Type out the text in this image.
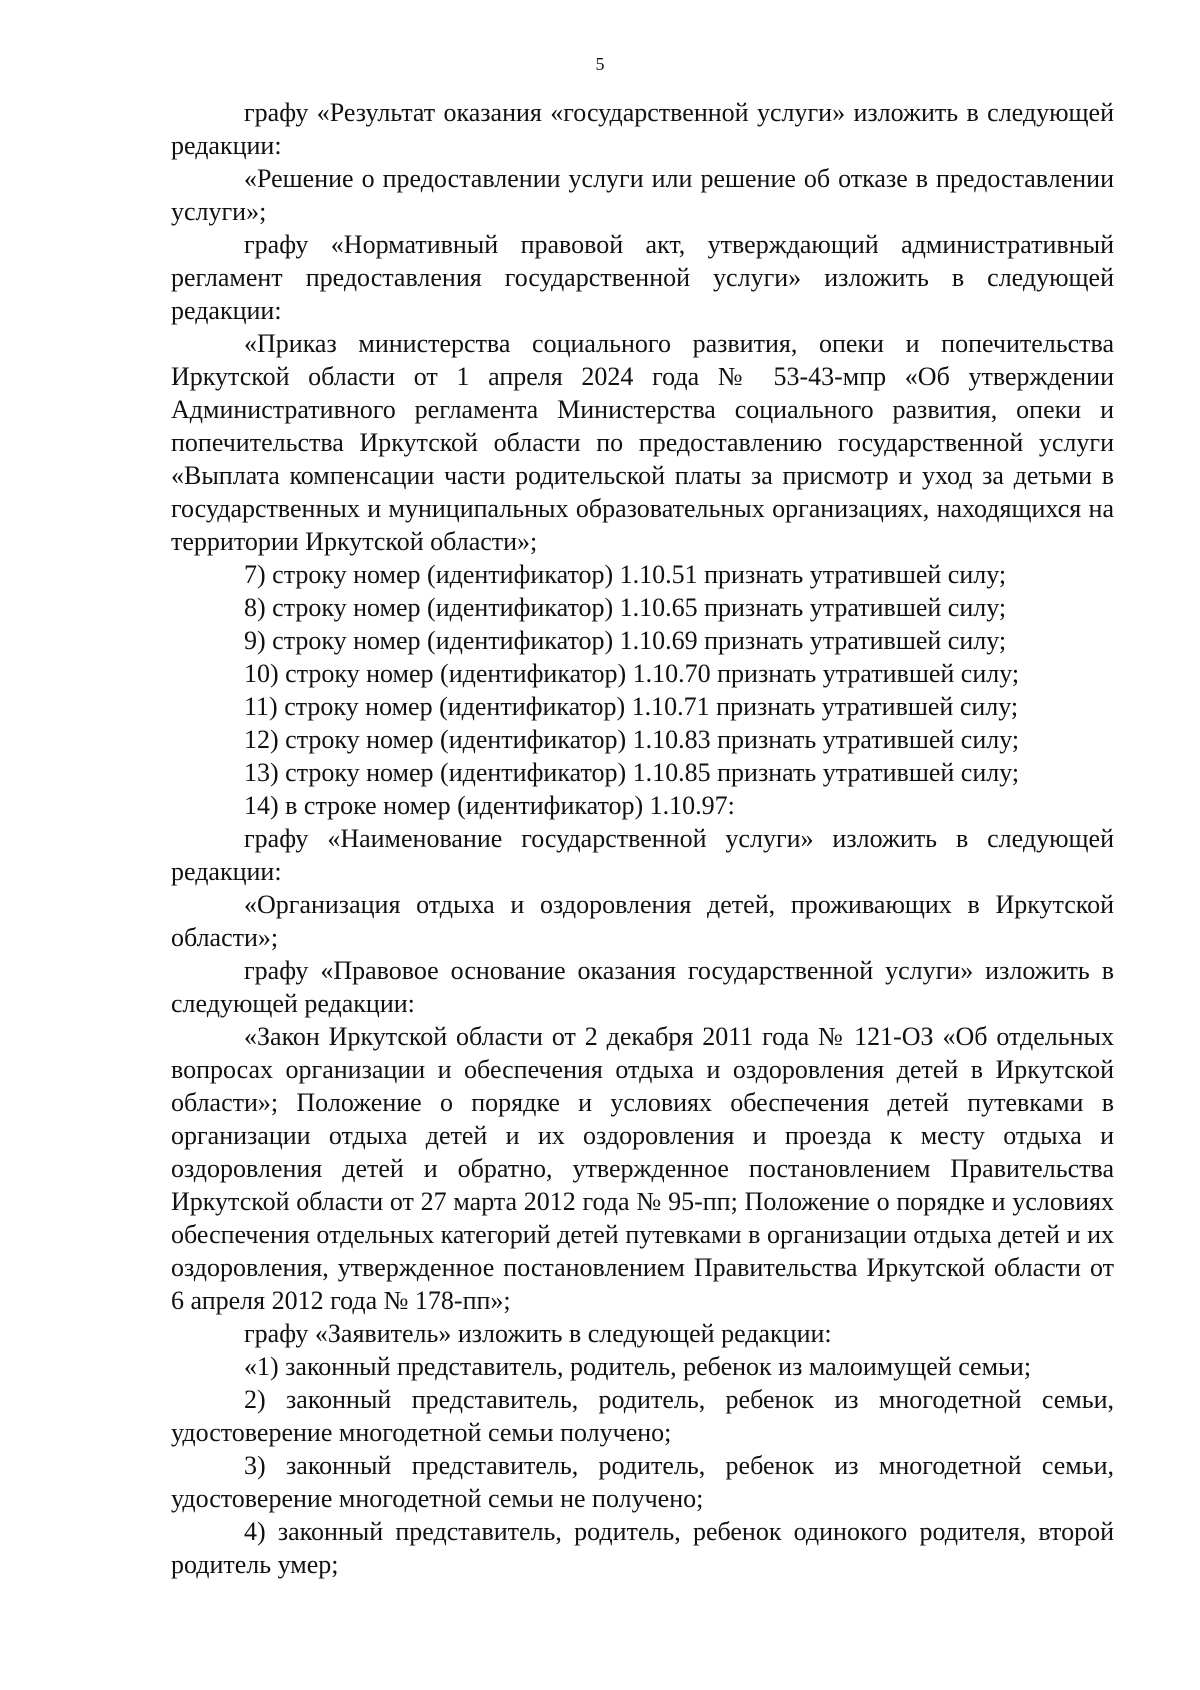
5

графу «Результат оказания «государственной услуги» изложить в следующей редакции:

«Решение о предоставлении услуги или решение об отказе в предоставлении услуги»;

графу «Нормативный правовой акт, утверждающий административный регламент предоставления государственной услуги» изложить в следующей редакции:

«Приказ министерства социального развития, опеки и попечительства Иркутской области от 1 апреля 2024 года № 53-43-мпр «Об утверждении Административного регламента Министерства социального развития, опеки и попечительства Иркутской области по предоставлению государственной услуги «Выплата компенсации части родительской платы за присмотр и уход за детьми в государственных и муниципальных образовательных организациях, находящихся на территории Иркутской области»;

7) строку номер (идентификатор) 1.10.51 признать утратившей силу;

8) строку номер (идентификатор) 1.10.65 признать утратившей силу;

9) строку номер (идентификатор) 1.10.69 признать утратившей силу;

10) строку номер (идентификатор) 1.10.70 признать утратившей силу;

11) строку номер (идентификатор) 1.10.71 признать утратившей силу;

12) строку номер (идентификатор) 1.10.83 признать утратившей силу;

13) строку номер (идентификатор) 1.10.85 признать утратившей силу;

14) в строке номер (идентификатор) 1.10.97:

графу «Наименование государственной услуги» изложить в следующей редакции:

«Организация отдыха и оздоровления детей, проживающих в Иркутской области»;

графу «Правовое основание оказания государственной услуги» изложить в следующей редакции:

«Закон Иркутской области от 2 декабря 2011 года № 121-ОЗ «Об отдельных вопросах организации и обеспечения отдыха и оздоровления детей в Иркутской области»; Положение о порядке и условиях обеспечения детей путевками в организации отдыха детей и их оздоровления и проезда к месту отдыха и оздоровления детей и обратно, утвержденное постановлением Правительства Иркутской области от 27 марта 2012 года № 95-пп; Положение о порядке и условиях обеспечения отдельных категорий детей путевками в организации отдыха детей и их оздоровления, утвержденное постановлением Правительства Иркутской области от 6 апреля 2012 года № 178-пп»;

графу «Заявитель» изложить в следующей редакции:

«1) законный представитель, родитель, ребенок из малоимущей семьи;

2) законный представитель, родитель, ребенок из многодетной семьи, удостоверение многодетной семьи получено;

3) законный представитель, родитель, ребенок из многодетной семьи, удостоверение многодетной семьи не получено;

4) законный представитель, родитель, ребенок одинокого родителя, второй родитель умер;
